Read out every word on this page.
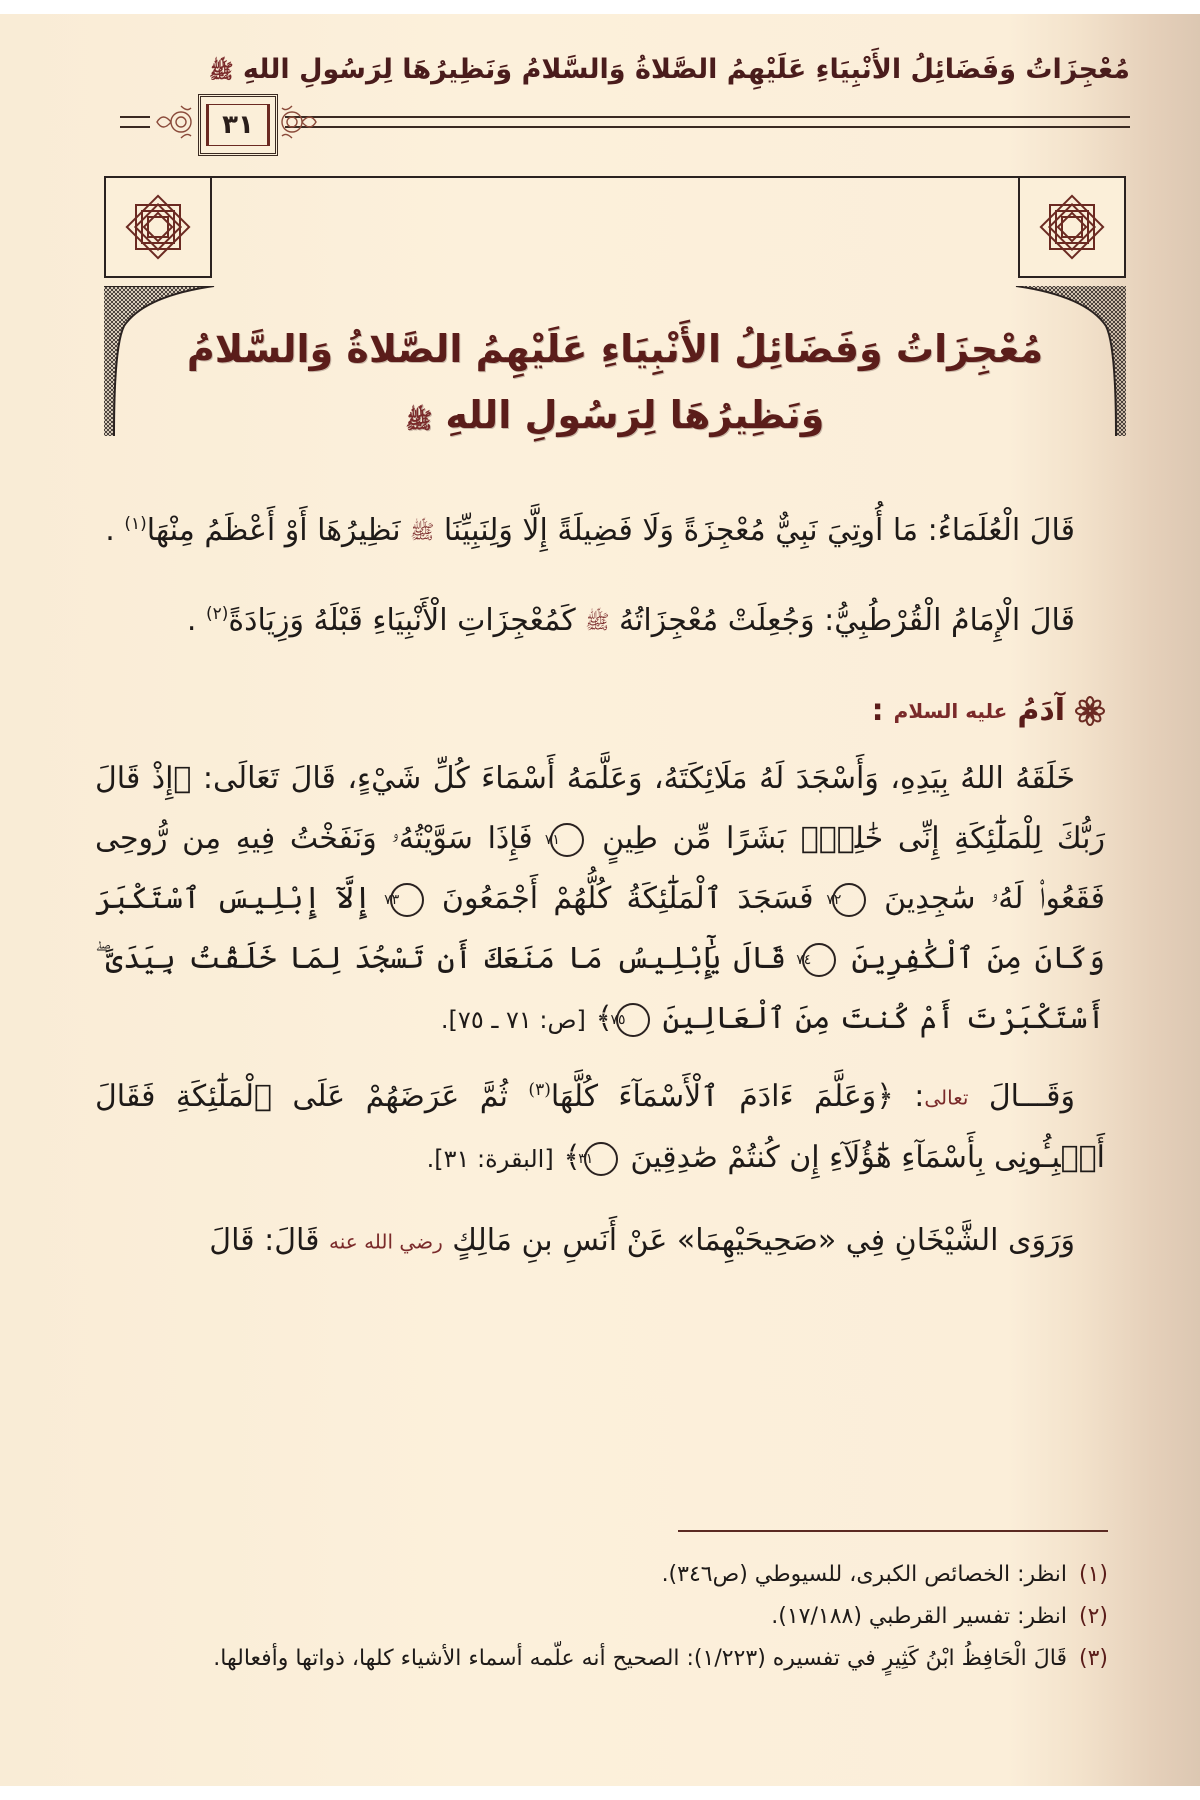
مُعْجِزَاتُ وَفَضَائِلُ الأَنْبِيَاءِ عَلَيْهِمُ الصَّلاةُ وَالسَّلامُ وَنَظِيرُهَا لِرَسُولِ اللهِ ﷺ
٣١
مُعْجِزَاتُ وَفَضَائِلُ الأَنْبِيَاءِ عَلَيْهِمُ الصَّلاةُ وَالسَّلامُ
وَنَظِيرُهَا لِرَسُولِ اللهِ ﷺ

قَالَ الْعُلَمَاءُ: مَا أُوتِيَ نَبِيٌّ مُعْجِزَةً وَلَا فَضِيلَةً إِلَّا وَلِنَبِيِّنَا ﷺ نَظِيرُهَا أَوْ أَعْظَمُ مِنْهَا$^{(١)}$ .

قَالَ الْإِمَامُ الْقُرْطُبِيُّ: وَجُعِلَتْ مُعْجِزَاتُهُ ﷺ كَمُعْجِزَاتِ الْأَنْبِيَاءِ قَبْلَهُ وَزِيَادَةً$^{(٢)}$ .

آدَمُ
عليه السلام
:

خَلَقَهُ اللهُ بِيَدِهِ، وَأَسْجَدَ لَهُ مَلَائِكَتَهُ، وَعَلَّمَهُ أَسْمَاءَ كُلِّ شَيْءٍ، قَالَ تَعَالَى: ﴿إِذْ قَالَ رَبُّكَ لِلْمَلَٰٓئِكَةِ إِنِّى خَٰلِقٌۢ بَشَرًا مِّن طِينٍ ٧١ فَإِذَا سَوَّيْتُهُۥ وَنَفَخْتُ فِيهِ مِن رُّوحِى فَقَعُوا۟ لَهُۥ سَٰجِدِينَ ٧٢ فَسَجَدَ ٱلْمَلَٰٓئِكَةُ كُلُّهُمْ أَجْمَعُونَ ٧٣ إِلَّآ إِبْلِيسَ ٱسْتَكْبَرَ وَكَانَ مِنَ ٱلْكَٰفِرِينَ ٧٤ قَالَ يَٰٓإِبْلِيسُ مَا مَنَعَكَ أَن تَسْجُدَ لِمَا خَلَقْتُ بِيَدَىَّ ۖ أَسْتَكْبَرْتَ أَمْ كُنتَ مِنَ ٱلْعَالِينَ ٧٥﴾ [ص: ٧١ ـ ٧٥].

وَقَـــالَ تعالى: ﴿وَعَلَّمَ ءَادَمَ ٱلْأَسْمَآءَ كُلَّهَا$^{(٣)}$ ثُمَّ عَرَضَهُمْ عَلَى ٱلْمَلَٰٓئِكَةِ فَقَالَ أَنۢبِـُٔونِى بِأَسْمَآءِ هَٰٓؤُلَآءِ إِن كُنتُمْ صَٰدِقِينَ ٣١﴾ [البقرة: ٣١].

وَرَوَى الشَّيْخَانِ فِي «صَحِيحَيْهِمَا» عَنْ أَنَسِ بنِ مَالِكٍ رضي الله عنه قَالَ: قَالَ

(١)
انظر: الخصائص الكبرى، للسيوطي (ص٣٤٦).
(٢)
انظر: تفسير القرطبي (١٧/١٨٨).
(٣)
قَالَ الْحَافِظُ ابْنُ كَثِيرٍ في تفسيره (١/٢٢٣): الصحيح أنه علّمه أسماء الأشياء كلها، ذواتها وأفعالها.
